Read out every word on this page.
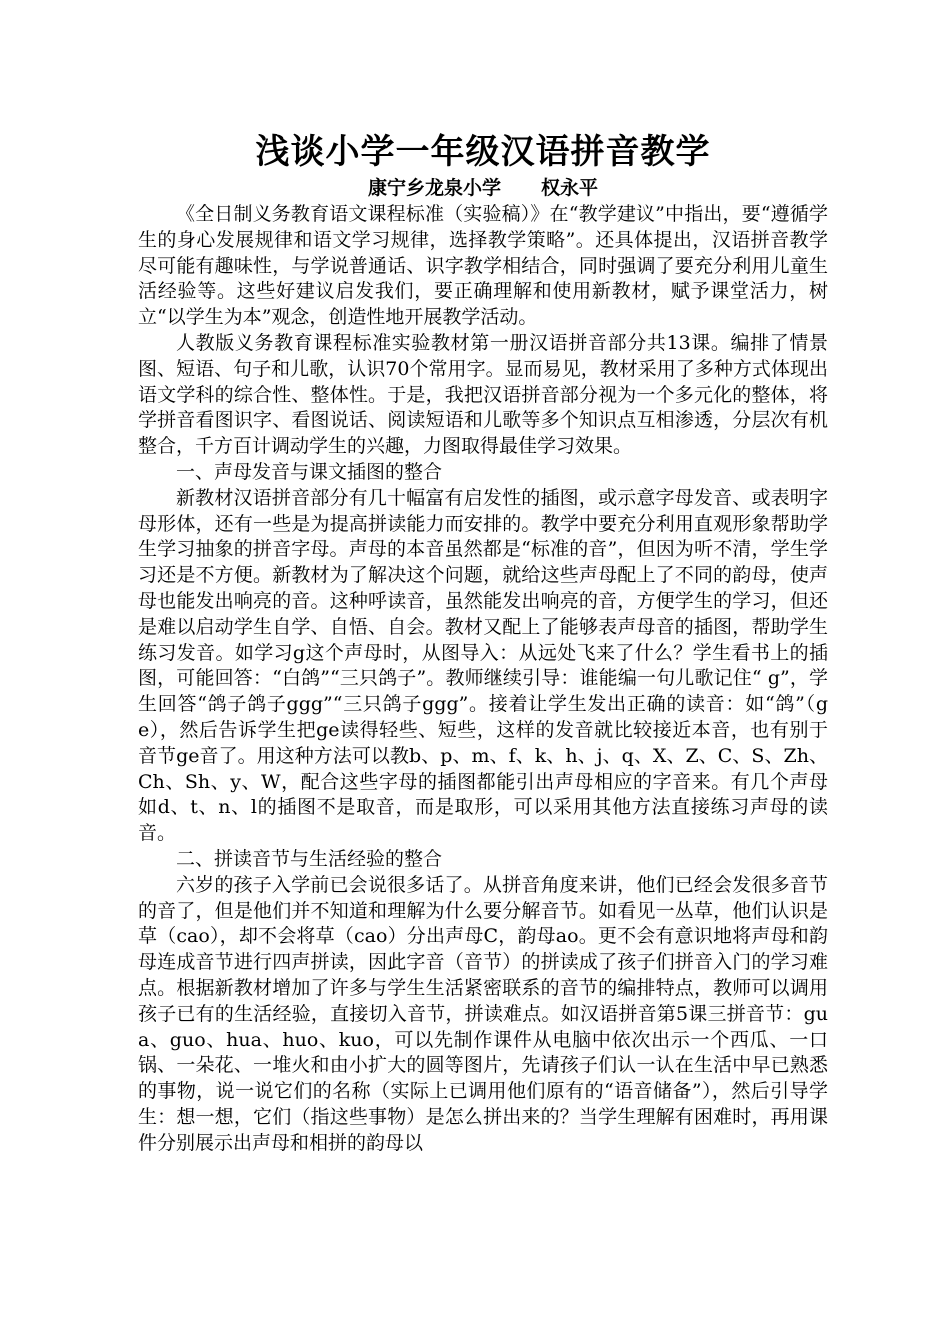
浅谈小学一年级汉语拼音教学

康宁乡龙泉小学 权永平

《全日制义务教育语文课程标准（实验稿）》在“教学建议”中指出，要“遵循学生的身心发展规律和语文学习规律，选择教学策略”。还具体提出，汉语拼音教学尽可能有趣味性，与学说普通话、识字教学相结合，同时强调了要充分利用儿童生活经验等。这些好建议启发我们，要正确理解和使用新教材，赋予课堂活力，树立“以学生为本”观念，创造性地开展教学活动。

人教版义务教育课程标准实验教材第一册汉语拼音部分共13课。编排了情景图、短语、句子和儿歌，认识70个常用字。显而易见，教材采用了多种方式体现出语文学科的综合性、整体性。于是，我把汉语拼音部分视为一个多元化的整体，将学拼音看图识字、看图说话、阅读短语和儿歌等多个知识点互相渗透，分层次有机整合，千方百计调动学生的兴趣，力图取得最佳学习效果。

一、声母发音与课文插图的整合

新教材汉语拼音部分有几十幅富有启发性的插图，或示意字母发音、或表明字母形体，还有一些是为提高拼读能力而安排的。教学中要充分利用直观形象帮助学生学习抽象的拼音字母。声母的本音虽然都是“标准的音”，但因为听不清，学生学习还是不方便。新教材为了解决这个问题，就给这些声母配上了不同的韵母，使声母也能发出响亮的音。这种呼读音，虽然能发出响亮的音，方便学生的学习，但还是难以启动学生自学、自悟、自会。教材又配上了能够表声母音的插图，帮助学生练习发音。如学习g这个声母时，从图导入：从远处飞来了什么？学生看书上的插图，可能回答：“白鸽”“三只鸽子”。教师继续引导：谁能编一句儿歌记住“ g”，学生回答“鸽子鸽子ggg”“三只鸽子ggg”。接着让学生发出正确的读音：如“鸽”（ge），然后告诉学生把ge读得轻些、短些，这样的发音就比较接近本音，也有别于音节ge音了。用这种方法可以教b、p、m、f、k、h、j、q、X、Z、C、S、Zh、Ch、Sh、y、W，配合这些字母的插图都能引出声母相应的字音来。有几个声母如d、t、n、l的插图不是取音，而是取形，可以采用其他方法直接练习声母的读音。

二、拼读音节与生活经验的整合

六岁的孩子入学前已会说很多话了。从拼音角度来讲，他们已经会发很多音节的音了，但是他们并不知道和理解为什么要分解音节。如看见一丛草，他们认识是草（cao），却不会将草（cao）分出声母C，韵母ao。更不会有意识地将声母和韵母连成音节进行四声拼读，因此字音（音节）的拼读成了孩子们拼音入门的学习难点。根据新教材增加了许多与学生生活紧密联系的音节的编排特点，教师可以调用孩子已有的生活经验，直接切入音节，拼读难点。如汉语拼音第5课三拼音节：gua、guo、hua、huo、kuo，可以先制作课件从电脑中依次出示一个西瓜、一口锅、一朵花、一堆火和由小扩大的圆等图片，先请孩子们认一认在生活中早已熟悉的事物，说一说它们的名称（实际上已调用他们原有的“语音储备”），然后引导学生：想一想，它们（指这些事物）是怎么拼出来的？当学生理解有困难时，再用课件分别展示出声母和相拼的韵母以
